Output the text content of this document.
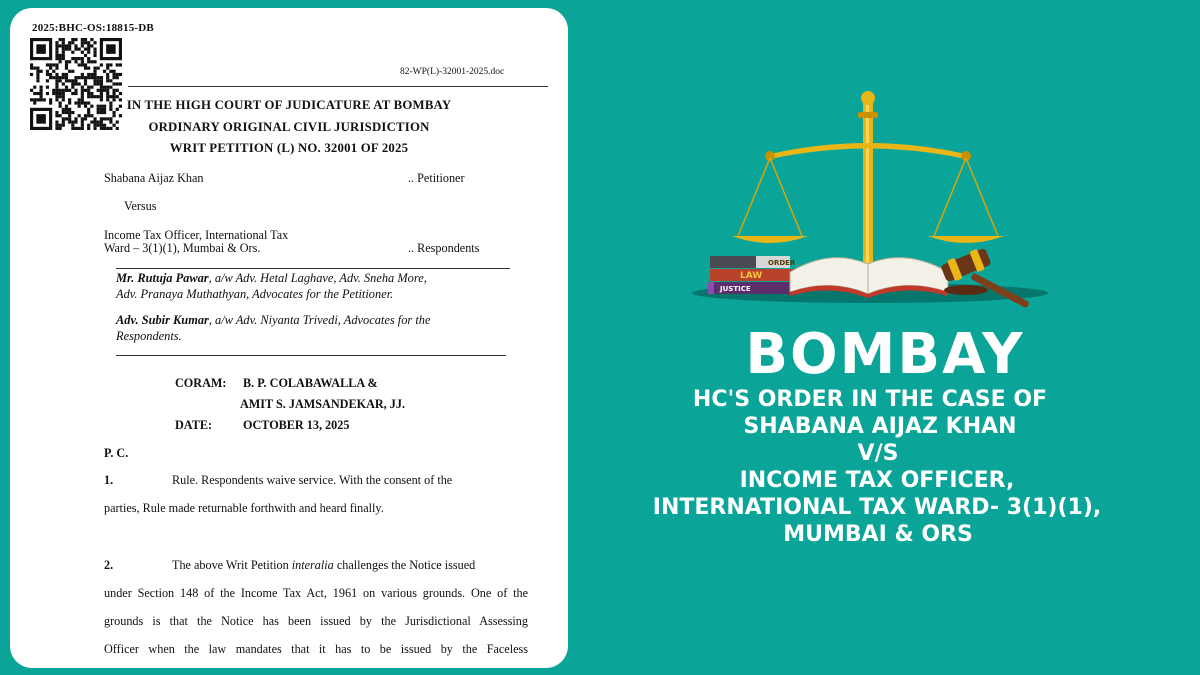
2025:BHC-OS:18815-DB
82-WP(L)-32001-2025.doc
IN THE HIGH COURT OF JUDICATURE AT BOMBAY
ORDINARY ORIGINAL CIVIL JURISDICTION
WRIT PETITION (L) NO. 32001 OF 2025
Shabana Aijaz Khan	.. Petitioner
Versus
Income Tax Officer, International Tax
Ward – 3(1)(1), Mumbai & Ors.	.. Respondents
Mr. Rutuja Pawar, a/w Adv. Hetal Laghave, Adv. Sneha More,
Adv. Pranaya Muthathyan, Advocates for the Petitioner.
Adv. Subir Kumar, a/w Adv. Niyanta Trivedi, Advocates for the
Respondents.
CORAM: B. P. COLABAWALLA &
AMIT S. JAMSANDEKAR, JJ.
DATE:	OCTOBER 13, 2025
P. C.
1.	Rule. Respondents waive service. With the consent of the
parties, Rule made returnable forthwith and heard finally.
2.	The above Writ Petition interalia challenges the Notice issued
under Section 148 of the Income Tax Act, 1961 on various grounds. One of the
grounds is that the Notice has been issued by the Jurisdictional Assessing
Officer when the law mandates that it has to be issued by the Faceless
ORDER
LAW
JUSTICE
BOMBAY
HC'S ORDER IN THE CASE OF
SHABANA AIJAZ KHAN
V/S
INCOME TAX OFFICER,
INTERNATIONAL TAX WARD- 3(1)(1),
MUMBAI & ORS
